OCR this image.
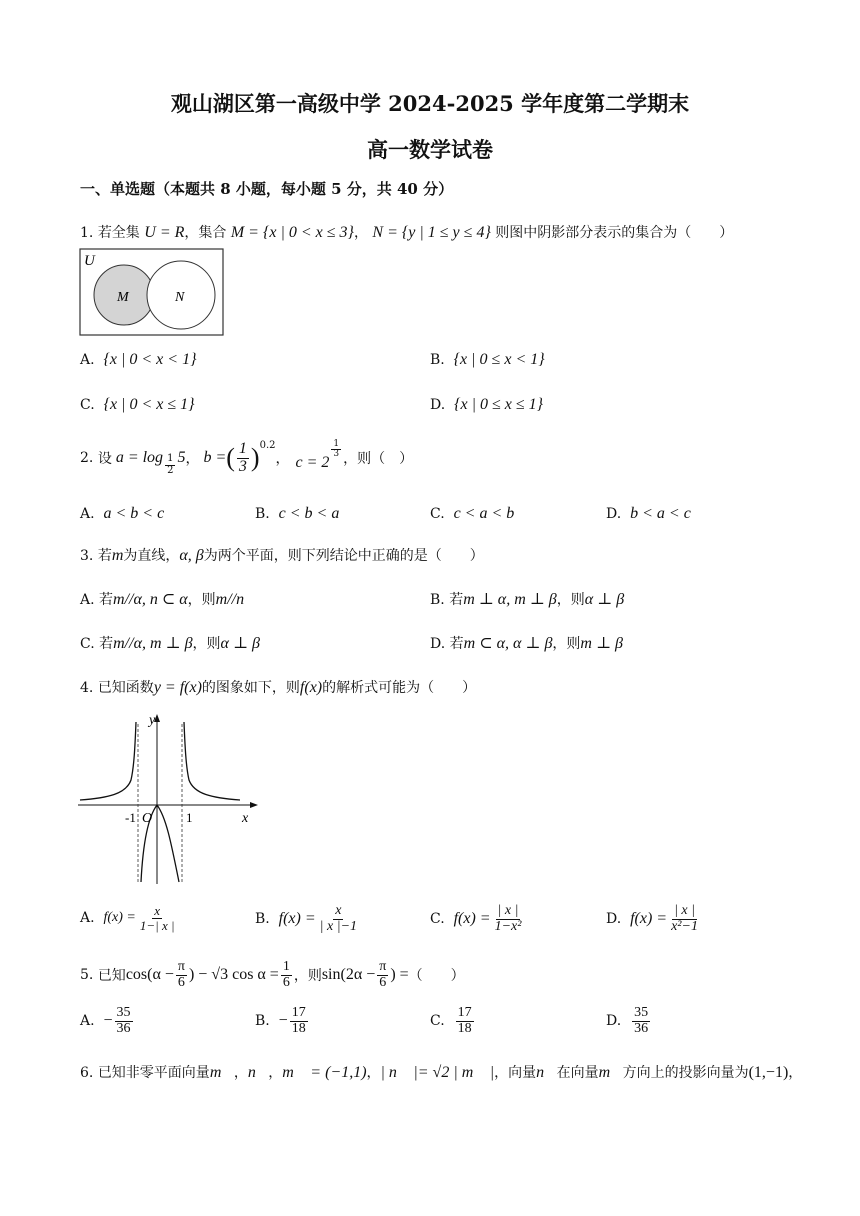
观山湖区第一高级中学 2024-2025 学年度第二学期末
高一数学试卷
一、单选题（本题共 8 小题，每小题 5 分，共 40 分）
1. 若全集 U = R，集合 M = {x | 0 < x ≤ 3}， N = {y | 1 ≤ y ≤ 4} 则图中阴影部分表示的集合为（　　）
U
M	N
A. {x | 0 < x < 1}	B. {x | 0 ≤ x < 1}
C. {x | 0 < x ≤ 1}	D. {x | 0 ≤ x ≤ 1}
2.
设 $a = \log \frac{1}{2} 5$ ， b = ( $\frac{1}{3}$ ) 0.2
， c = 2
$\frac{1}{3}$ ，则（　）
A. a < b < c	B. c < b < a	C. c < a < b	D. b < a < c
3. 若m为直线，α, β为两个平面，则下列结论中正确的是（　　）
A. 若m//α, n ⊂ α，则m//n	B. 若m ⊥ α, m ⊥ β，则α ⊥ β
C. 若m//α, m ⊥ β，则α ⊥ β	D. 若m ⊂ α, α ⊥ β，则m ⊥ β
4. 已知函数y = f(x)的图象如下，则f(x)的解析式可能为（　　）
y
x
O
-1	1
A.
$f(x) = \frac{x}{1-| x |}$	B.
$f(x) = \frac{x}{| x |-1}$	C.
$f(x) = \frac{| x |}{\text{1−x²}}$	D.
$f(x) = \frac{| x |}{\text{x²−1}}$
5.
已知 $\cos(\alpha - \frac{\pi}{6}$ ) − √3 $\cos \alpha = \frac{1}{6}$ ，则 $\sin(2\alpha - \frac{\pi}{6}$ ) = （　　）
A.
− $\frac{35}{36}$	B.
− $\frac{17}{18}$	C.
$\frac{17}{18}$	D.
$\frac{35}{36}$
6. 已知非零平面向量m⃗，n⃗，m⃗ = (−1,1)，| n⃗ |= √2 | m⃗ |，向量n⃗在向量m⃗方向上的投影向量为(1,−1)，
